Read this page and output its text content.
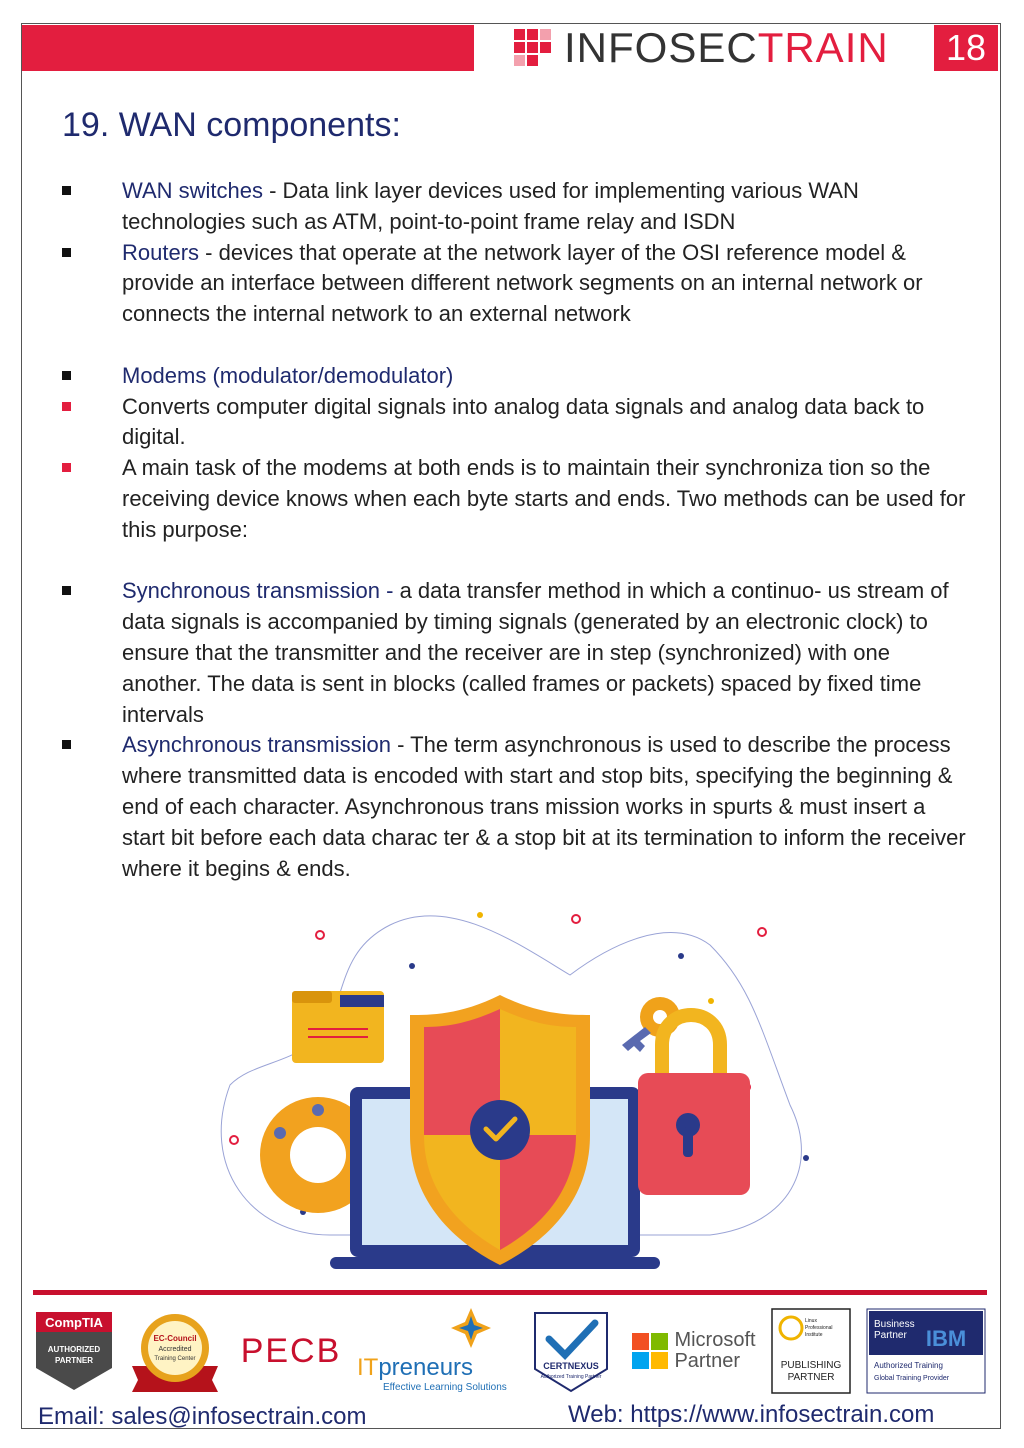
INFOSECTRAIN	18
19. WAN components:
WAN switches - Data link layer devices used for implementing various WAN technologies such as ATM, point-to-point frame relay and ISDN
Routers - devices that operate at the network layer of the OSI reference model & provide an interface between different network segments on an internal network or connects the internal network to an external network
Modems (modulator/demodulator)
Converts computer digital signals into analog data signals and analog data back to digital.
A main task of the modems at both ends is to maintain their synchroniza tion so the receiving device knows when each byte starts and ends. Two methods can be used for this purpose:
Synchronous transmission - a data transfer method in which a continuo- us stream of data signals is accompanied by timing signals (generated by an electronic clock) to ensure that the transmitter and the receiver are in step (synchronized) with one another. The data is sent in blocks (called frames or packets) spaced by fixed time intervals
Asynchronous transmission - The term asynchronous is used to describe the process where transmitted data is encoded with start and stop bits, specifying the beginning & end of each character. Asynchronous trans mission works in spurts & must insert a start bit before each data charac ter & a stop bit at its termination to inform the receiver where it begins & ends.
CompTIA
AUTHORIZED
PARTNER
EC-Council
Accredited
Training Center PECB ITpreneurs
Effective Learning Solutions
CERTNEXUS
Authorized Training Partner
Microsoft
Partner
Linux
Professional
Institute
PUBLISHING
PARTNER
Business
Partner IBM
Authorized Training
Global Training Provider
Email: sales@infosectrain.com	Web: https://www.infosectrain.com
